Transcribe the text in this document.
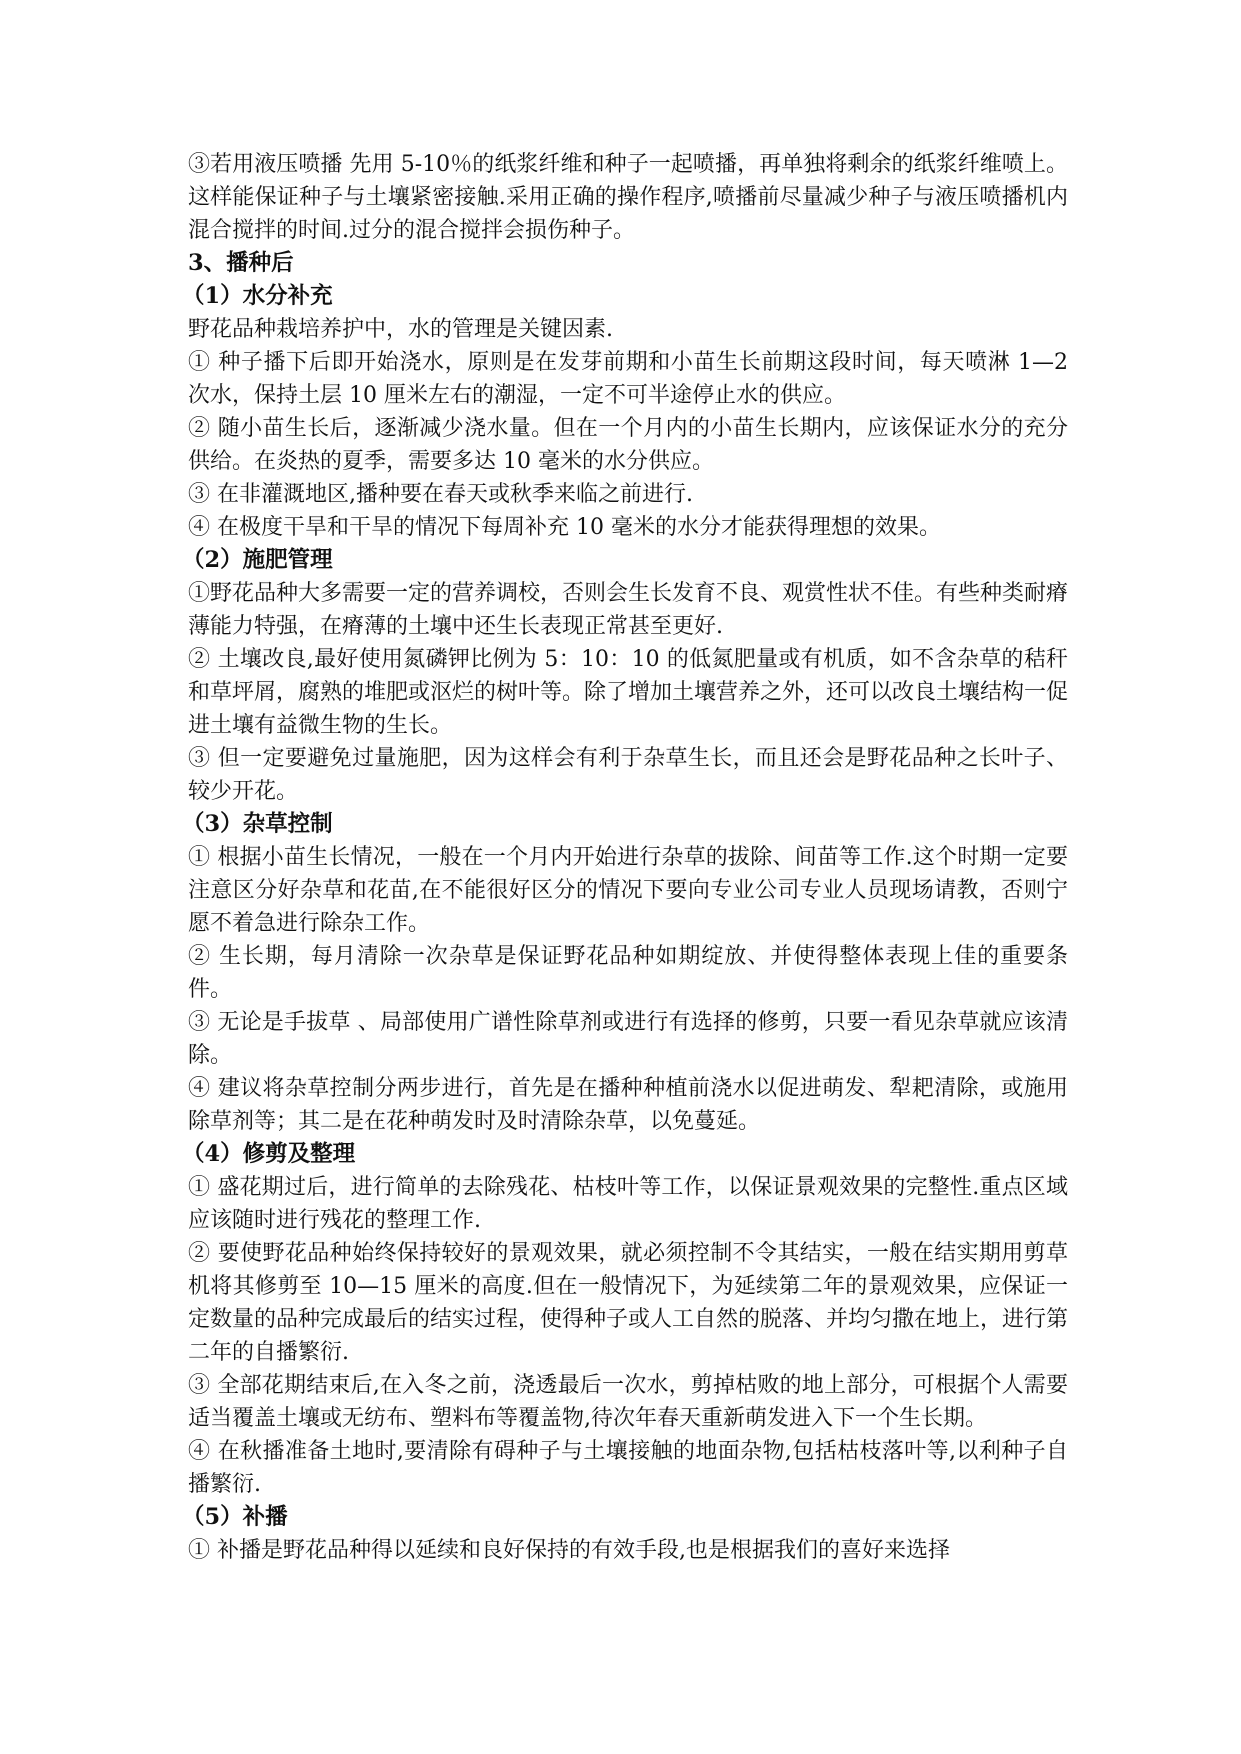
③若用液压喷播 先用 5-10％的纸浆纤维和种子一起喷播，再单独将剩余的纸浆纤维喷上。这样能保证种子与土壤紧密接触.采用正确的操作程序,喷播前尽量减少种子与液压喷播机内混合搅拌的时间.过分的混合搅拌会损伤种子。

3、播种后

（1）水分补充

野花品种栽培养护中，水的管理是关键因素.

① 种子播下后即开始浇水，原则是在发芽前期和小苗生长前期这段时间，每天喷淋 1—2 次水，保持土层 10 厘米左右的潮湿，一定不可半途停止水的供应。

② 随小苗生长后，逐渐减少浇水量。但在一个月内的小苗生长期内，应该保证水分的充分供给。在炎热的夏季，需要多达 10 毫米的水分供应。

③ 在非灌溉地区,播种要在春天或秋季来临之前进行.

④ 在极度干旱和干旱的情况下每周补充 10 毫米的水分才能获得理想的效果。

（2）施肥管理

①野花品种大多需要一定的营养调校，否则会生长发育不良、观赏性状不佳。有些种类耐瘠薄能力特强，在瘠薄的土壤中还生长表现正常甚至更好.

② 土壤改良,最好使用氮磷钾比例为 5：10：10 的低氮肥量或有机质，如不含杂草的秸秆和草坪屑，腐熟的堆肥或沤烂的树叶等。除了增加土壤营养之外，还可以改良土壤结构一促进土壤有益微生物的生长。

③ 但一定要避免过量施肥，因为这样会有利于杂草生长，而且还会是野花品种之长叶子、较少开花。

（3）杂草控制

① 根据小苗生长情况，一般在一个月内开始进行杂草的拔除、间苗等工作.这个时期一定要注意区分好杂草和花苗,在不能很好区分的情况下要向专业公司专业人员现场请教，否则宁愿不着急进行除杂工作。

② 生长期，每月清除一次杂草是保证野花品种如期绽放、并使得整体表现上佳的重要条件。

③ 无论是手拔草 、局部使用广谱性除草剂或进行有选择的修剪，只要一看见杂草就应该清除。

④ 建议将杂草控制分两步进行，首先是在播种种植前浇水以促进萌发、犁耙清除，或施用除草剂等；其二是在花种萌发时及时清除杂草，以免蔓延。

（4）修剪及整理

① 盛花期过后，进行简单的去除残花、枯枝叶等工作，以保证景观效果的完整性.重点区域应该随时进行残花的整理工作.

② 要使野花品种始终保持较好的景观效果，就必须控制不令其结实，一般在结实期用剪草机将其修剪至 10—15 厘米的高度.但在一般情况下，为延续第二年的景观效果，应保证一定数量的品种完成最后的结实过程，使得种子或人工自然的脱落、并均匀撒在地上，进行第二年的自播繁衍.

③ 全部花期结束后,在入冬之前，浇透最后一次水，剪掉枯败的地上部分，可根据个人需要适当覆盖土壤或无纺布、塑料布等覆盖物,待次年春天重新萌发进入下一个生长期。

④ 在秋播准备土地时,要清除有碍种子与土壤接触的地面杂物,包括枯枝落叶等,以利种子自播繁衍.

（5）补播

① 补播是野花品种得以延续和良好保持的有效手段,也是根据我们的喜好来选择
